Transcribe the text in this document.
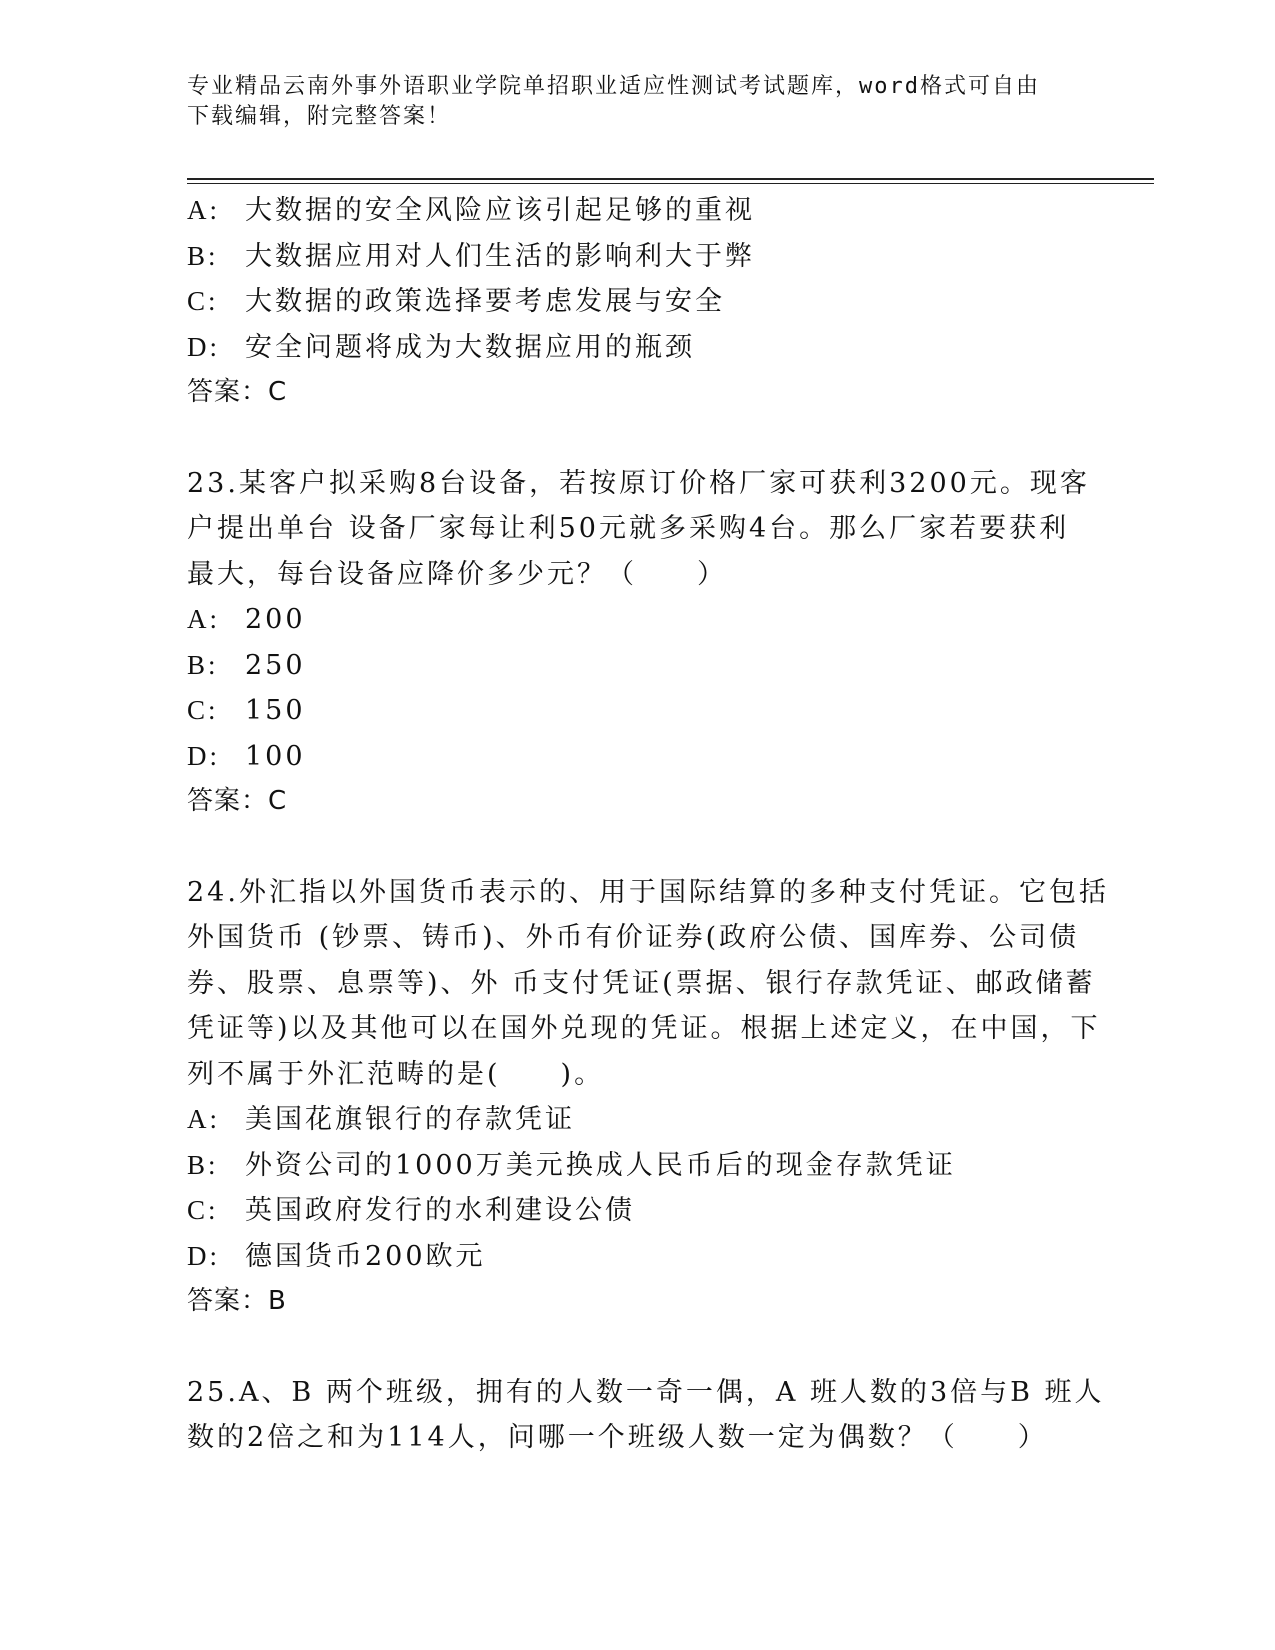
专业精品云南外事外语职业学院单招职业适应性测试考试题库，word格式可自由
下载编辑，附完整答案！
A: 大数据的安全风险应该引起足够的重视
B: 大数据应用对人们生活的影响利大于弊
C: 大数据的政策选择要考虑发展与安全
D: 安全问题将成为大数据应用的瓶颈
答案：C
23.某客户拟采购8台设备，若按原订价格厂家可获利3200元。现客
户提出单台 设备厂家每让利50元就多采购4台。那么厂家若要获利
最大，每台设备应降价多少元？（　　）
A: 200
B: 250
C: 150
D: 100
答案：C
24.外汇指以外国货币表示的、用于国际结算的多种支付凭证。它包括
外国货币 (钞票、铸币)、外币有价证券(政府公债、国库券、公司债
券、股票、息票等)、外 币支付凭证(票据、银行存款凭证、邮政储蓄
凭证等)以及其他可以在国外兑现的凭证。根据上述定义，在中国，下
列不属于外汇范畴的是(　　)。
A: 美国花旗银行的存款凭证
B: 外资公司的1000万美元换成人民币后的现金存款凭证
C: 英国政府发行的水利建设公债
D: 德国货币200欧元
答案：B
25.A、B 两个班级，拥有的人数一奇一偶，A 班人数的3倍与B 班人
数的2倍之和为114人，问哪一个班级人数一定为偶数？（　　）
